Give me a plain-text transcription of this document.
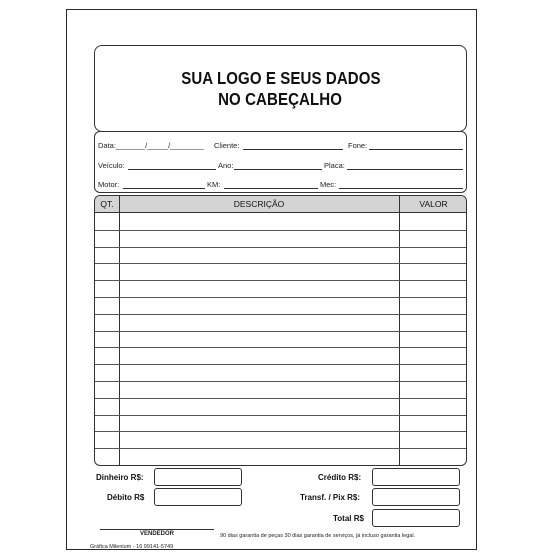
SUA LOGO E SEUS DADOS
NO CABEÇALHO
Data:_______/_____/________ Cliente:	Fone:
Veículo:	Ano:	Placa:
Motor:	KM:	Mec:
QT.	DESCRIÇÃO	VALOR
Dinheiro R$:
Débito R$
Crédito R$:
Transf. / Pix R$:
Total R$
VENDEDOR	90 dias garantia de peças 30 dias garantia de serviços, já incluso garantia legal.
Gráfica Milenium - 16 99141-5749
